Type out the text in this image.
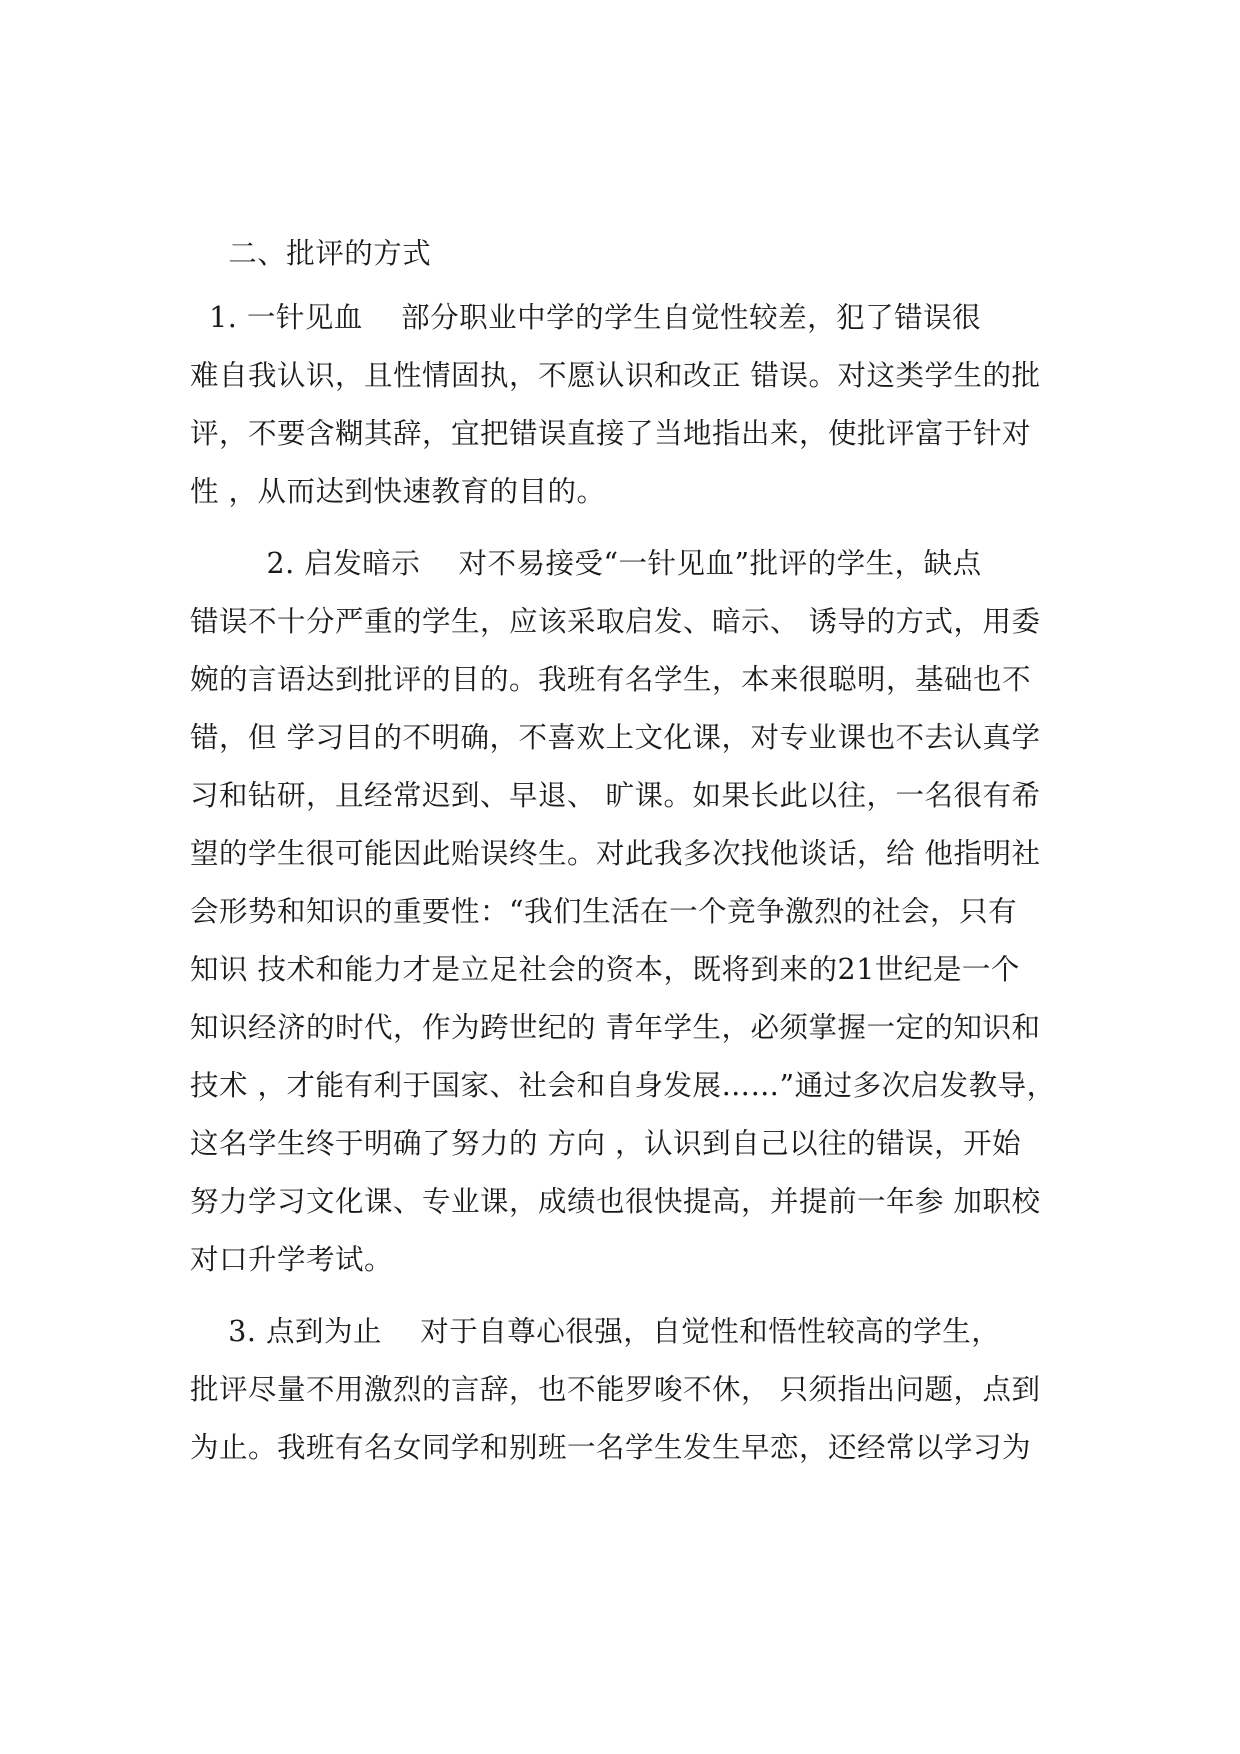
二、批评的方式
1. 一针见血    部分职业中学的学生自觉性较差，犯了错误很
难自我认识，且性情固执，不愿认识和改正 错误。对这类学生的批
评，不要含糊其辞，宜把错误直接了当地指出来，使批评富于针对
性 ，从而达到快速教育的目的。
2. 启发暗示    对不易接受“一针见血”批评的学生，缺点
错误不十分严重的学生，应该采取启发、暗示、 诱导的方式，用委
婉的言语达到批评的目的。我班有名学生，本来很聪明，基础也不
错，但 学习目的不明确，不喜欢上文化课，对专业课也不去认真学
习和钻研，且经常迟到、早退、 旷课。如果长此以往，一名很有希
望的学生很可能因此贻误终生。对此我多次找他谈话，给 他指明社
会形势和知识的重要性：“我们生活在一个竞争激烈的社会，只有
知识 技术和能力才是立足社会的资本，既将到来的21世纪是一个
知识经济的时代，作为跨世纪的 青年学生，必须掌握一定的知识和
技术 ，才能有利于国家、社会和自身发展……”通过多次启发教导，
这名学生终于明确了努力的 方向 ，认识到自己以往的错误，开始
努力学习文化课、专业课，成绩也很快提高，并提前一年参 加职校
对口升学考试。
3. 点到为止    对于自尊心很强，自觉性和悟性较高的学生，
批评尽量不用激烈的言辞，也不能罗唆不休， 只须指出问题，点到
为止。我班有名女同学和别班一名学生发生早恋，还经常以学习为
